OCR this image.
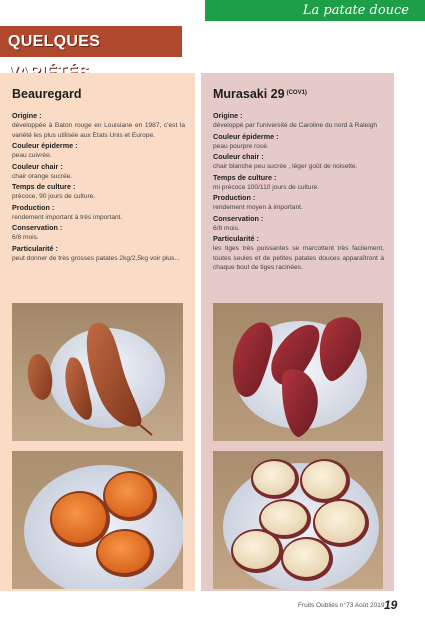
La patate douce
QUELQUES
Beauregard

Origine :

développée à Baton rouge en Louisiane en 1987, c'est la variété les plus utilisée aux Etats Unis et Europe.

Couleur épiderme :

peau cuivrée.

Couleur chair :

chair orange sucrée.

Temps de culture :

précoce, 90 jours de culture.

Production :

rendement important à très important.

Conservation :

6/8 mois.

Particularité :

peut donner de très grosses patates 2kg/2,5kg voir plus...

Murasaki 29 $^{(COV1)}$

Origine :

développé par l'université de Caroline du nord à Raleigh

Couleur épiderme :

peau pourpre rosé.

Couleur chair :

chair blanche peu sucrée , léger goût de noisette.

Temps de culture :

mi précoce 100/110 jours de culture.

Production :

rendement moyen à important.

Conservation :

6/8 mois.

Particularité :

les tiges très puissantes se marcottent très facilement, toutes seules et de petites patates douces apparaîtront à chaque bout de tiges racinées.

Fruits Oubliés n°73 Août 2019 19
